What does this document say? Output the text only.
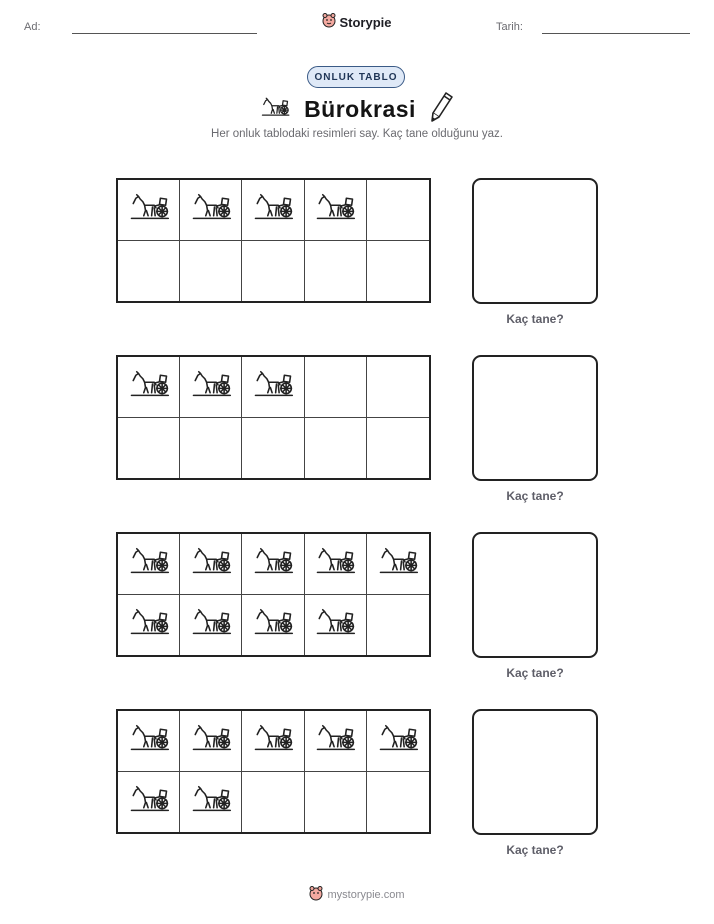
Ad:	Storypie	Tarih:
ONLUK TABLO
Bürokrasi
Her onluk tablodaki resimleri say. Kaç tane olduğunu yaz.
Kaç tane?
Kaç tane?
Kaç tane?
Kaç tane?
mystorypie.com
